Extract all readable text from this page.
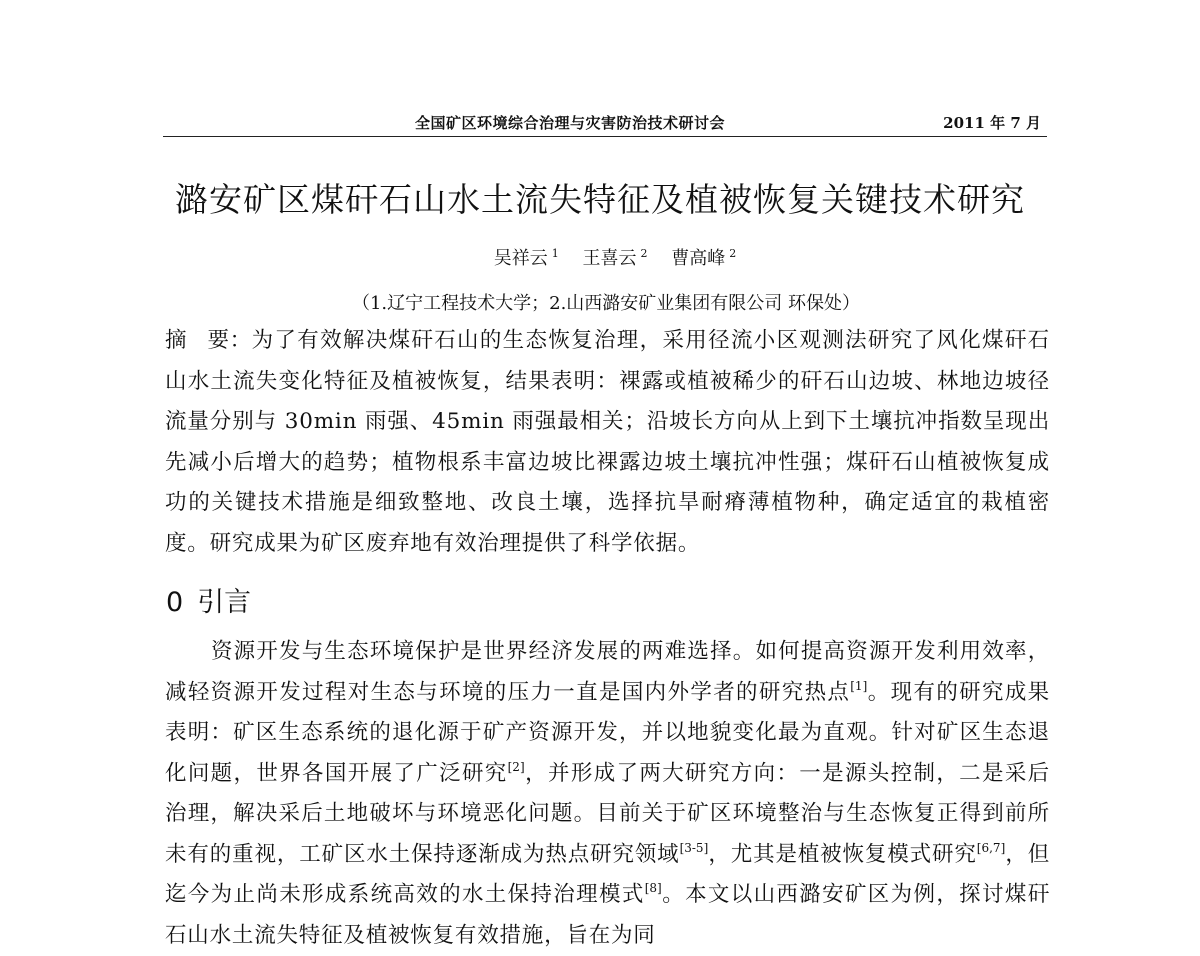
全国矿区环境综合治理与灾害防治技术研讨会	2011 年 7 月
潞安矿区煤矸石山水土流失特征及植被恢复关键技术研究
吴祥云 $^1$ 王喜云 $^2$ 曹高峰 $^2$
（1.辽宁工程技术大学；2.山西潞安矿业集团有限公司 环保处）
摘 要：为了有效解决煤矸石山的生态恢复治理，采用径流小区观测法研究了风化煤矸石山水土流失变化特征及植被恢复，结果表明：裸露或植被稀少的矸石山边坡、林地边坡径流量分别与 30min 雨强、45min 雨强最相关；沿坡长方向从上到下土壤抗冲指数呈现出先减小后增大的趋势；植物根系丰富边坡比裸露边坡土壤抗冲性强；煤矸石山植被恢复成功的关键技术措施是细致整地、改良土壤，选择抗旱耐瘠薄植物种，确定适宜的栽植密度。研究成果为矿区废弃地有效治理提供了科学依据。
0 引言
资源开发与生态环境保护是世界经济发展的两难选择。如何提高资源开发利用效率，减轻资源开发过程对生态与环境的压力一直是国内外学者的研究热点[1]。现有的研究成果表明：矿区生态系统的退化源于矿产资源开发，并以地貌变化最为直观。针对矿区生态退化问题，世界各国开展了广泛研究[2]，并形成了两大研究方向：一是源头控制，二是采后治理，解决采后土地破坏与环境恶化问题。目前关于矿区环境整治与生态恢复正得到前所未有的重视，工矿区水土保持逐渐成为热点研究领域[3-5]，尤其是植被恢复模式研究[6,7]，但迄今为止尚未形成系统高效的水土保持治理模式[8]。本文以山西潞安矿区为例，探讨煤矸石山水土流失特征及植被恢复有效措施，旨在为同
